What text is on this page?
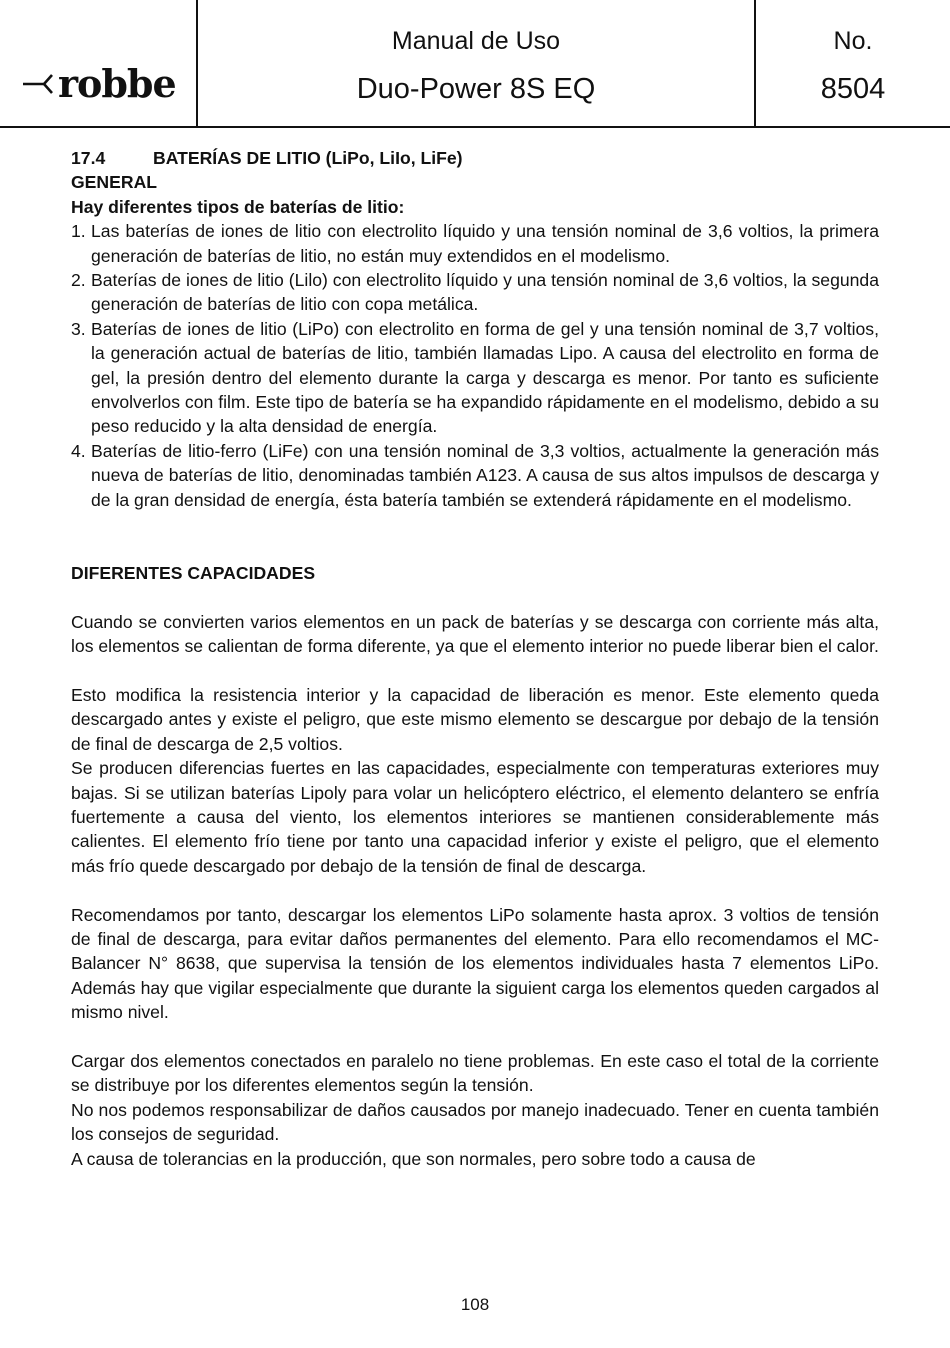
robbe
Manual de Uso
Duo-Power 8S EQ
No.
8504
17.4	BATERÍAS DE LITIO (LiPo, LiIo, LiFe)

GENERAL

Hay diferentes tipos de baterías de litio:

1. Las baterías de iones de litio con electrolito líquido y una tensión nominal de 3,6 voltios, la primera generación de baterías de litio, no están muy extendidos en el modelismo.
2. Baterías de iones de litio (Lilo) con electrolito líquido y una tensión nominal de 3,6 voltios, la segunda generación de baterías de litio con copa metálica.
3. Baterías de iones de litio (LiPo) con electrolito en forma de gel y una tensión nominal de 3,7 voltios, la generación actual de baterías de litio, también llamadas Lipo. A causa del electrolito en forma de gel, la presión dentro del elemento durante la carga y descarga es menor. Por tanto es suficiente envolverlos con film. Este tipo de batería se ha expandido rápidamente en el modelismo, debido a su peso reducido y la alta densidad de energía.
4. Baterías de litio-ferro (LiFe) con una tensión nominal de 3,3 voltios, actualmente la generación más nueva de baterías de litio, denominadas también A123. A causa de sus altos impulsos de descarga y de la gran densidad de energía, ésta batería también se extenderá rápidamente en el modelismo.

DIFERENTES CAPACIDADES

Cuando se convierten varios elementos en un pack de baterías y se descarga con corriente más alta, los elementos se calientan de forma diferente, ya que el elemento interior no puede liberar bien el calor.

Esto modifica la resistencia interior y la capacidad de liberación es menor. Este elemento queda descargado antes y existe el peligro, que este mismo elemento se descargue por debajo de la tensión de final de descarga de 2,5 voltios.

Se producen diferencias fuertes en las capacidades, especialmente con temperaturas exteriores muy bajas. Si se utilizan baterías Lipoly para volar un helicóptero eléctrico, el elemento delantero se enfría fuertemente a causa del viento, los elementos interiores se mantienen considerablemente más calientes. El elemento frío tiene por tanto una capacidad inferior y existe el peligro, que el elemento más frío quede descargado por debajo de la tensión de final de descarga.

Recomendamos por tanto, descargar los elementos LiPo solamente hasta aprox. 3 voltios de tensión de final de descarga, para evitar daños permanentes del elemento. Para ello recomendamos el MC-Balancer N° 8638, que supervisa la tensión de los elementos individuales hasta 7 elementos LiPo. Además hay que vigilar especialmente que durante la siguient carga los elementos queden cargados al mismo nivel.

Cargar dos elementos conectados en paralelo no tiene problemas. En este caso el total de la corriente se distribuye por los diferentes elementos según la tensión.

No nos podemos responsabilizar de daños causados por manejo inadecuado. Tener en cuenta también los consejos de seguridad.

A causa de tolerancias en la producción, que son normales, pero sobre todo a causa de

108
